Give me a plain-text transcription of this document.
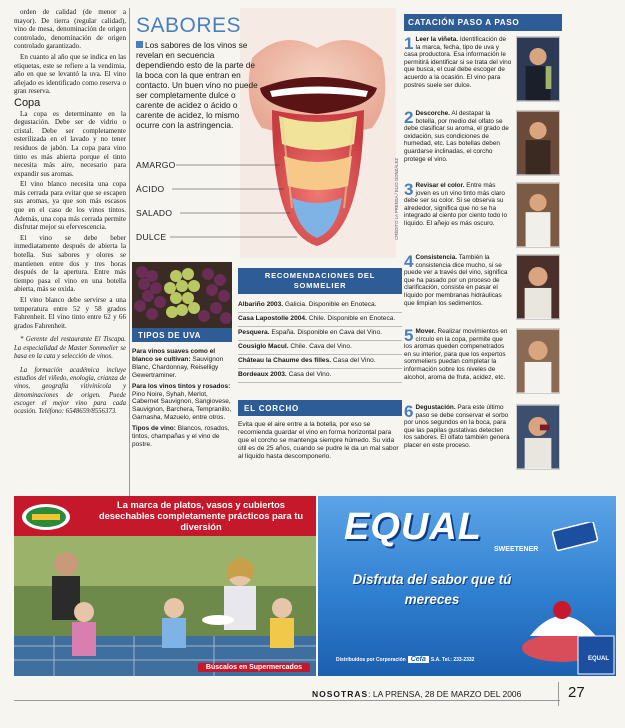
orden de calidad (de menor a mayor). De tierra (regular calidad), vino de mesa, denominación de origen controlado, denominación de origen controlado garantizado.

En cuanto al año que se indica en las etiquetas, este se refiere a la vendimia, año en que se levantó la uva. El vino añejado es identificado como reserva o gran reserva.

Copa

La copa es determinante en la degustación. Debe ser de vidrio o cristal. Debe ser completamente esterilizada en el lavado y no tener residuos de jabón. La copa para vino tinto es más abierta porque el tinto necesita más aire, necesario para expandir sus aromas.

El vino blanco necesita una copa más cerrada para evitar que se escapen sus aromas, ya que son más escasos que en el caso de los vinos tintos. Además, una copa más cerrada permite disfrutar mejor su efervescencia.

El vino se debe beber inmediatamente después de abierta la botella. Sus sabores y olores se mantienen entre dos y tres horas después de la apertura. Entre más tiempo pasa el vino en una botella abierta, más se oxida.

El vino blanco debe servirse a una temperatura entre 52 y 58 grados Fahrenheit. El vino tinto entre 62 y 66 grados Fahrenheit.

* Gerente del restaurante El Tiscapa. La especialidad de Master Sommelier se basa en la cata y selección de vinos.

La formación académica incluye estudios del viñedo, enología, crianza de vinos, geografía vitivinícola y denominaciones de origen. Puede escoger el mejor vino para cada ocasión. Teléfono: 6548659/8556373.

SABORES
Los sabores de los vinos se revelan en secuencia dependiendo esto de la parte de la boca con la que entran en contacto. Un buen vino no puede ser completamente dulce o carente de acidez o ácido o carente de acidez, lo mismo ocurre con la astringencia.
AMARGO
ÁCIDO
SALADO
DULCE	CRÉDITO LA PRENSA / ELIO GONZÁLEZ
TIPOS DE UVA

Para vinos suaves como el blanco se cultivan: Sauvignon Blanc, Chardonnay, Reiselligy Gewertraminer.

Para los vinos tintos y rosados: Pino Noire, Syhah, Merlot, Cabernet Sauvignon, Sangiovese, Sauvignon, Barchera, Tempranillo, Garnasha, Mazuelo, entre otros.

Tipos de vino: Blancos, rosados, tintos, champañas y el vino de postre.

RECOMENDACIONES DEL SOMMELIER
Albariño 2003. Galicia. Disponible en Enoteca.
Casa Lapostolle 2004. Chile. Disponible en Enoteca.
Pesquera. España. Disponible en Cava del Vino.
Cousiglo Macul. Chile. Cava del Vino.
Château la Chaume des filles. Casa del Vino.
Bordeaux 2003. Casa del Vino.
EL CORCHO
Evita que el aire entre a la botella, por eso se recomienda guardar el vino en forma horizontal para que el corcho se mantenga siempre húmedo. Su vida útil es de 25 años, cuando se pudre le da un mal sabor al líquido hasta descomponerlo.
CATACIÓN PASO A PASO
1 Leer la viñeta. Identificación de la marca, fecha, tipo de uva y casa productora. Esa información le permitirá identificar si se trata del vino que busca, el cual debe escoger de acuerdo a la ocasión. El vino para postres suele ser dulce.
2 Descorche. Al destapar la botella, por medio del olfato se debe clasificar su aroma, el grado de oxidación, sus condiciones de humedad, etc. Las botellas deben guardarse inclinadas, el corcho protege el vino.
3 Revisar el color. Entre más joven es un vino tinto más claro debe ser su color. Si se observa su alrededor, significa que no se ha integrado al ciento por ciento todo lo líquido. El añejo es más oscuro.
4 Consistencia. También la consistencia dice mucho, si se puede ver a través del vino, significa que ha pasado por un proceso de clarificación, consiste en pasar el líquido por membranas hidráulicas que limpian los sedimentos.
5 Mover. Realizar movimientos en círculo en la copa, permite que los aromas queden compenetrados en su interior, para que los expertos sommeliers puedan completar la información sobre los niveles de alcohol, aroma de fruta, acidez, etc.
6 Degustación. Para este último paso se debe conservar el sorbo por unos segundos en la boca, para que las papilas gustativas detecten los sabores. El olfato también genera placer en este proceso.
La marca de platos, vasos y cubiertos desechables completamente prácticos para tu diversión
Búscalos en Supermercados
EQUAL
SWEETENER
Disfruta del sabor que tú mereces
EQUAL
Distribuidos por Corporación Cefa S.A. Tel.: 233-2332
NOSOTRAS: LA PRENSA, 28 DE MARZO DEL 2006	27
